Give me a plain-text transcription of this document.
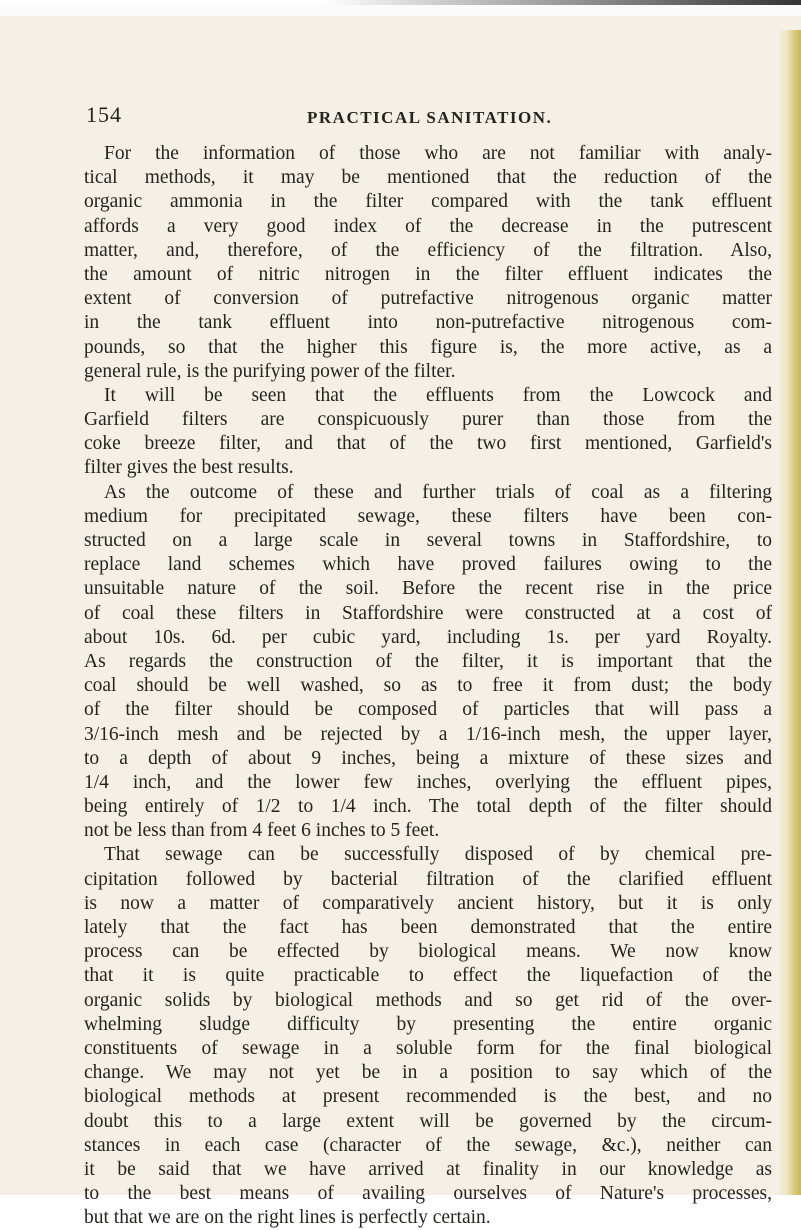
154	PRACTICAL SANITATION.
For the information of those who are not familiar with analy-
tical methods, it may be mentioned that the reduction of the
organic ammonia in the filter compared with the tank effluent
affords a very good index of the decrease in the putrescent
matter, and, therefore, of the efficiency of the filtration. Also,
the amount of nitric nitrogen in the filter effluent indicates the
extent of conversion of putrefactive nitrogenous organic matter
in the tank effluent into non-putrefactive nitrogenous com-
pounds, so that the higher this figure is, the more active, as a
general rule, is the purifying power of the filter.
It will be seen that the effluents from the Lowcock and
Garfield filters are conspicuously purer than those from the
coke breeze filter, and that of the two first mentioned, Garfield's
filter gives the best results.
As the outcome of these and further trials of coal as a filtering
medium for precipitated sewage, these filters have been con-
structed on a large scale in several towns in Staffordshire, to
replace land schemes which have proved failures owing to the
unsuitable nature of the soil. Before the recent rise in the price
of coal these filters in Staffordshire were constructed at a cost of
about 10s. 6d. per cubic yard, including 1s. per yard Royalty.
As regards the construction of the filter, it is important that the
coal should be well washed, so as to free it from dust; the body
of the filter should be composed of particles that will pass a
3/16-inch mesh and be rejected by a 1/16-inch mesh, the upper layer,
to a depth of about 9 inches, being a mixture of these sizes and
1/4 inch, and the lower few inches, overlying the effluent pipes,
being entirely of 1/2 to 1/4 inch. The total depth of the filter should
not be less than from 4 feet 6 inches to 5 feet.
That sewage can be successfully disposed of by chemical pre-
cipitation followed by bacterial filtration of the clarified effluent
is now a matter of comparatively ancient history, but it is only
lately that the fact has been demonstrated that the entire
process can be effected by biological means. We now know
that it is quite practicable to effect the liquefaction of the
organic solids by biological methods and so get rid of the over-
whelming sludge difficulty by presenting the entire organic
constituents of sewage in a soluble form for the final biological
change. We may not yet be in a position to say which of the
biological methods at present recommended is the best, and no
doubt this to a large extent will be governed by the circum-
stances in each case (character of the sewage, &c.), neither can
it be said that we have arrived at finality in our knowledge as
to the best means of availing ourselves of Nature's processes,
but that we are on the right lines is perfectly certain.
